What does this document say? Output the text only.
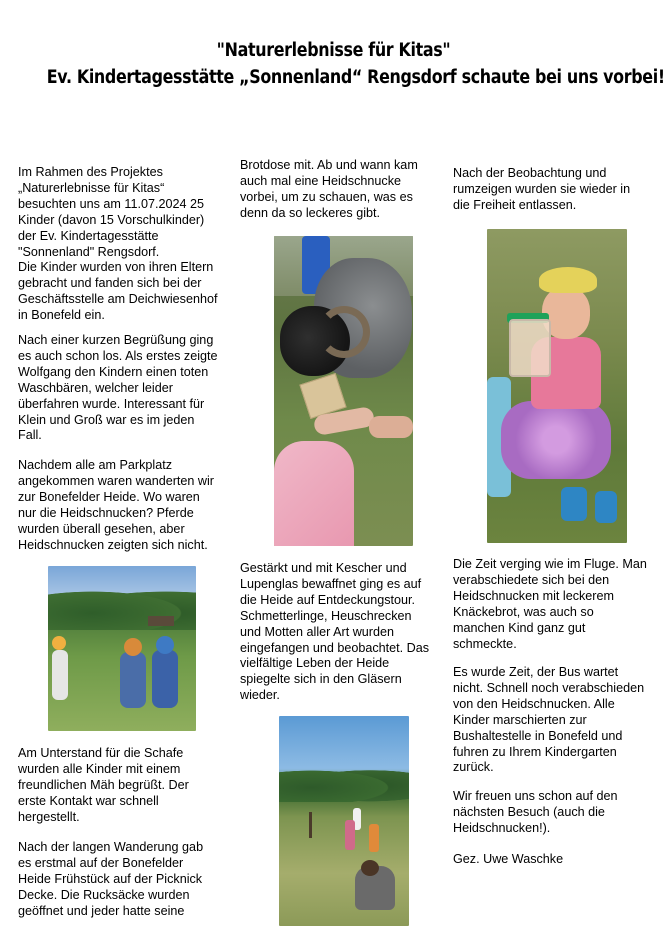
"Naturerlebnisse für Kitas"
Ev. Kindertagesstätte „Sonnenland“ Rengsdorf schaute bei uns vorbei!

Im Rahmen des Projektes
„Naturerlebnisse für Kitas“
besuchten uns am 11.07.2024 25
Kinder (davon 15 Vorschulkinder)
der Ev. Kindertagesstätte
"Sonnenland" Rengsdorf.
Die Kinder wurden von ihren Eltern
gebracht und fanden sich bei der
Geschäftsstelle am Deichwiesenhof
in Bonefeld ein.

Nach einer kurzen Begrüßung ging
es auch schon los. Als erstes zeigte
Wolfgang den Kindern einen toten
Waschbären, welcher leider
überfahren wurde. Interessant für
Klein und Groß war es im jeden
Fall.

Nachdem alle am Parkplatz
angekommen waren wanderten wir
zur Bonefelder Heide. Wo waren
nur die Heidschnucken? Pferde
wurden überall gesehen, aber
Heidschnucken zeigten sich nicht.

Am Unterstand für die Schafe
wurden alle Kinder mit einem
freundlichen Mäh begrüßt. Der
erste Kontakt war schnell
hergestellt.

Nach der langen Wanderung gab
es erstmal auf der Bonefelder
Heide Frühstück auf der Picknick
Decke. Die Rucksäcke wurden
geöffnet und jeder hatte seine

Brotdose mit. Ab und wann kam
auch mal eine Heidschnucke
vorbei, um zu schauen, was es
denn da so leckeres gibt.

Gestärkt und mit Kescher und
Lupenglas bewaffnet ging es auf
die Heide auf Entdeckungstour.
Schmetterlinge, Heuschrecken
und Motten aller Art wurden
eingefangen und beobachtet. Das
vielfältige Leben der Heide
spiegelte sich in den Gläsern
wieder.

Nach der Beobachtung und
rumzeigen wurden sie wieder in
die Freiheit entlassen.

Die Zeit verging wie im Fluge. Man
verabschiedete sich bei den
Heidschnucken mit leckerem
Knäckebrot, was auch so
manchen Kind ganz gut
schmeckte.

Es wurde Zeit, der Bus wartet
nicht. Schnell noch verabschieden
von den Heidschnucken. Alle
Kinder marschierten zur
Bushaltestelle in Bonefeld und
fuhren zu Ihrem Kindergarten
zurück.

Wir freuen uns schon auf den
nächsten Besuch (auch die
Heidschnucken!).

Gez. Uwe Waschke
